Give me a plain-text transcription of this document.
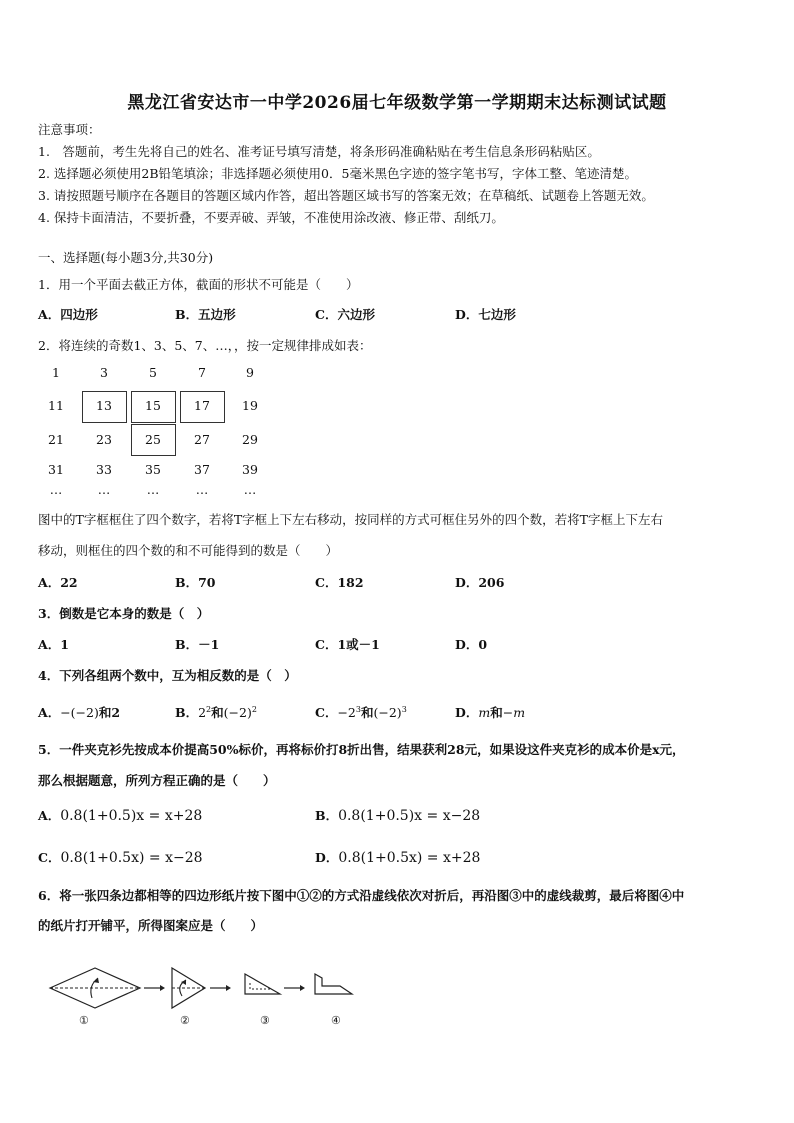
黑龙江省安达市一中学2026届七年级数学第一学期期末达标测试试题
注意事项：
1.　答题前，考生先将自己的姓名、准考证号填写清楚，将条形码准确粘贴在考生信息条形码粘贴区。
2. 选择题必须使用2B铅笔填涂；非选择题必须使用0．5毫米黑色字迹的签字笔书写，字体工整、笔迹清楚。
3. 请按照题号顺序在各题目的答题区域内作答，超出答题区域书写的答案无效；在草稿纸、试题卷上答题无效。
4. 保持卡面清洁，不要折叠，不要弄破、弄皱，不准使用涂改液、修正带、刮纸刀。
一、选择题(每小题3分,共30分)
1．用一个平面去截正方体，截面的形状不可能是（　　）
A．四边形	B．五边形	C．六边形	D．七边形
2．将连续的奇数1、3、5、7、…，，按一定规律排成如表：
1	3	5	7	9
11	13	15	17	19
21	23	25	27	29
31	33	35	37	39
…	…	…	…	…
图中的T字框框住了四个数字，若将T字框上下左右移动，按同样的方式可框住另外的四个数，若将T字框上下左右
移动，则框住的四个数的和不可能得到的数是（　　）
A．22	B．70	C．182	D．206
3．倒数是它本身的数是（　）
A．1	B．－1	C．1或－1	D．0
4．下列各组两个数中，互为相反数的是（　）
A．−(−2)和2	B．$2^2$和$(-2)^2$	C．$-2^3$和$(-2)^3$	D．m和−m
5．一件夹克衫先按成本价提高50%标价，再将标价打8折出售，结果获利28元，如果设这件夹克衫的成本价是x元，
那么根据题意，所列方程正确的是（　　）
A．0.8(1+0.5)x = x+28	B．0.8(1+0.5)x = x−28
C．0.8(1+0.5x) = x−28	D．0.8(1+0.5x) = x+28
6．将一张四条边都相等的四边形纸片按下图中①②的方式沿虚线依次对折后，再沿图③中的虚线裁剪，最后将图④中
的纸片打开铺平，所得图案应是（　　）
①	②	③	④
